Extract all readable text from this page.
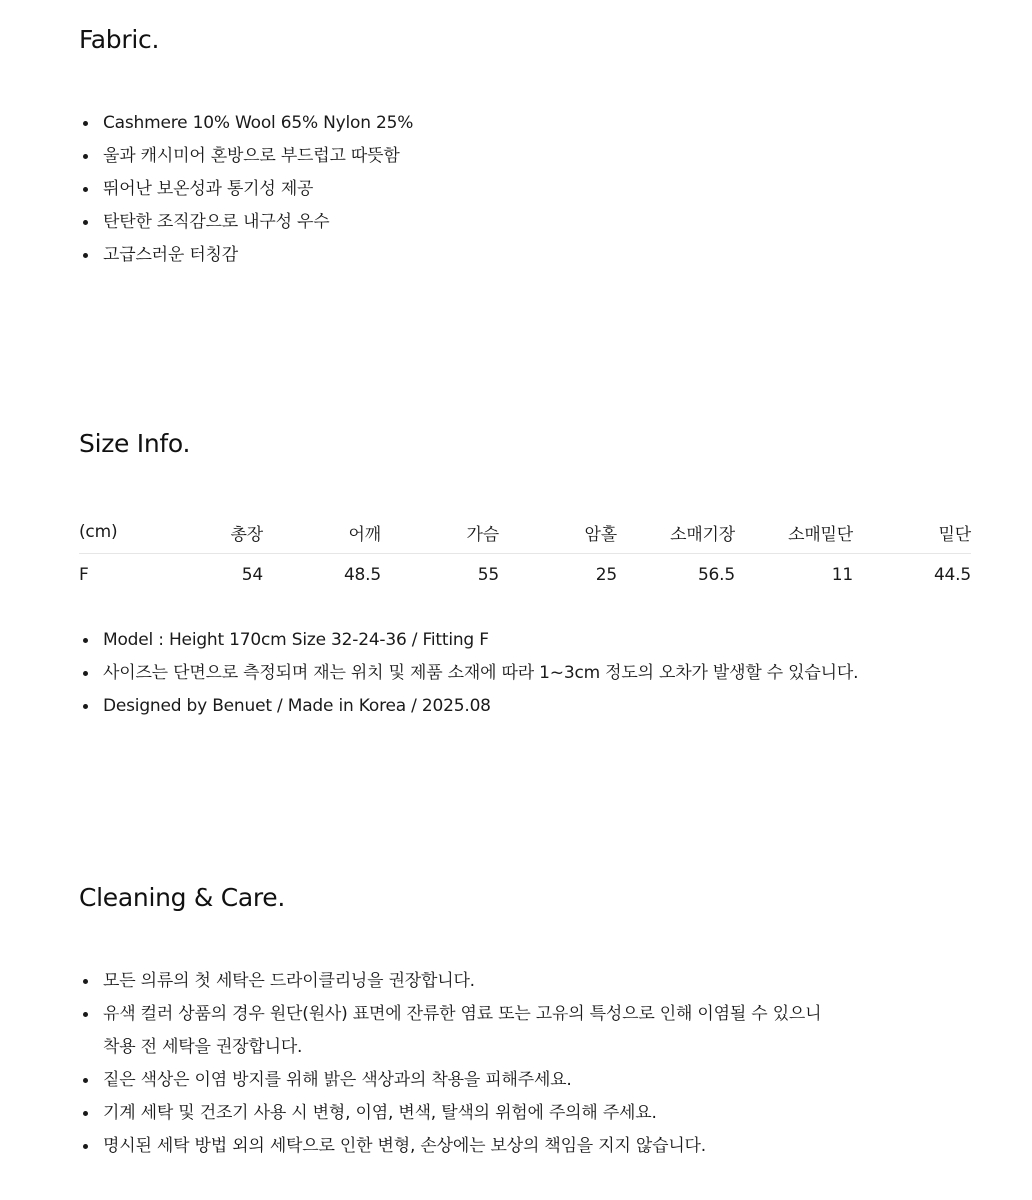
Fabric.
Cashmere 10% Wool 65% Nylon 25%
울과 캐시미어 혼방으로 부드럽고 따뜻함
뛰어난 보온성과 통기성 제공
탄탄한 조직감으로 내구성 우수
고급스러운 터칭감
Size Info.
(cm)	총장	어깨	가슴	암홀	소매기장	소매밑단	밑단
F	54	48.5	55	25	56.5	11	44.5
Model : Height 170cm Size 32-24-36 / Fitting F
사이즈는 단면으로 측정되며 재는 위치 및 제품 소재에 따라 1~3cm 정도의 오차가 발생할 수 있습니다.
Designed by Benuet / Made in Korea / 2025.08
Cleaning & Care.
모든 의류의 첫 세탁은 드라이클리닝을 권장합니다.
유색 컬러 상품의 경우 원단(원사) 표면에 잔류한 염료 또는 고유의 특성으로 인해 이염될 수 있으니
착용 전 세탁을 권장합니다.
짙은 색상은 이염 방지를 위해 밝은 색상과의 착용을 피해주세요.
기계 세탁 및 건조기 사용 시 변형, 이염, 변색, 탈색의 위험에 주의해 주세요.
명시된 세탁 방법 외의 세탁으로 인한 변형, 손상에는 보상의 책임을 지지 않습니다.
